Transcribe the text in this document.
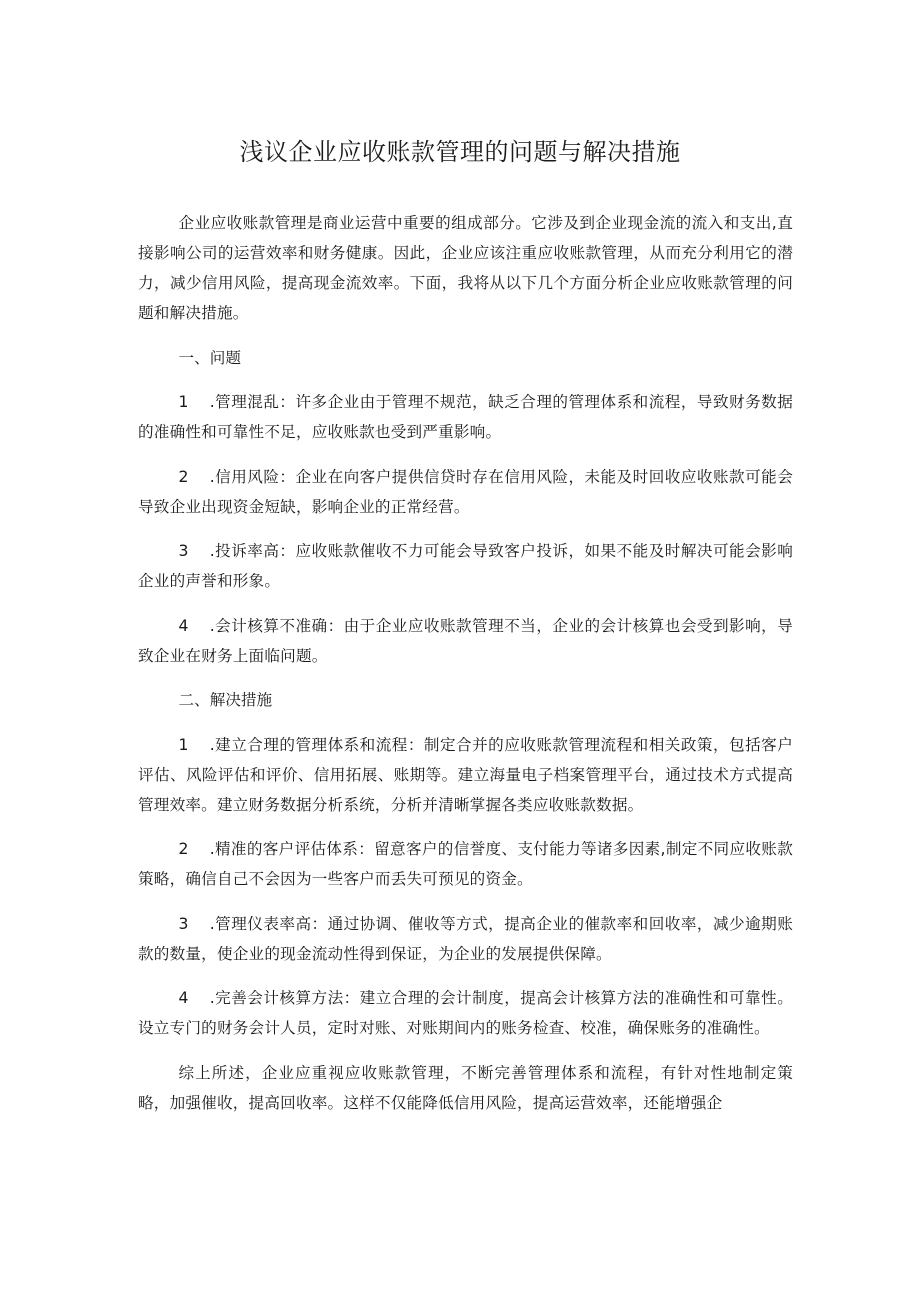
浅议企业应收账款管理的问题与解决措施

企业应收账款管理是商业运营中重要的组成部分。它涉及到企业现金流的流入和支出,直接影响公司的运营效率和财务健康。因此，企业应该注重应收账款管理，从而充分利用它的潜力，减少信用风险，提高现金流效率。下面，我将从以下几个方面分析企业应收账款管理的问题和解决措施。

一、问题

1 .管理混乱：许多企业由于管理不规范，缺乏合理的管理体系和流程，导致财务数据的准确性和可靠性不足，应收账款也受到严重影响。

2 .信用风险：企业在向客户提供信贷时存在信用风险，未能及时回收应收账款可能会导致企业出现资金短缺，影响企业的正常经营。

3 .投诉率高：应收账款催收不力可能会导致客户投诉，如果不能及时解决可能会影响企业的声誉和形象。

4 .会计核算不准确：由于企业应收账款管理不当，企业的会计核算也会受到影响，导致企业在财务上面临问题。

二、解决措施

1 .建立合理的管理体系和流程：制定合并的应收账款管理流程和相关政策，包括客户评估、风险评估和评价、信用拓展、账期等。建立海量电子档案管理平台，通过技术方式提高管理效率。建立财务数据分析系统，分析并清晰掌握各类应收账款数据。

2 .精准的客户评估体系：留意客户的信誉度、支付能力等诸多因素,制定不同应收账款策略，确信自己不会因为一些客户而丢失可预见的资金。

3 .管理仪表率高：通过协调、催收等方式，提高企业的催款率和回收率，减少逾期账款的数量，使企业的现金流动性得到保证，为企业的发展提供保障。

4 .完善会计核算方法：建立合理的会计制度，提高会计核算方法的准确性和可靠性。设立专门的财务会计人员，定时对账、对账期间内的账务检查、校准，确保账务的准确性。

综上所述，企业应重视应收账款管理，不断完善管理体系和流程，有针对性地制定策略，加强催收，提高回收率。这样不仅能降低信用风险，提高运营效率，还能增强企
